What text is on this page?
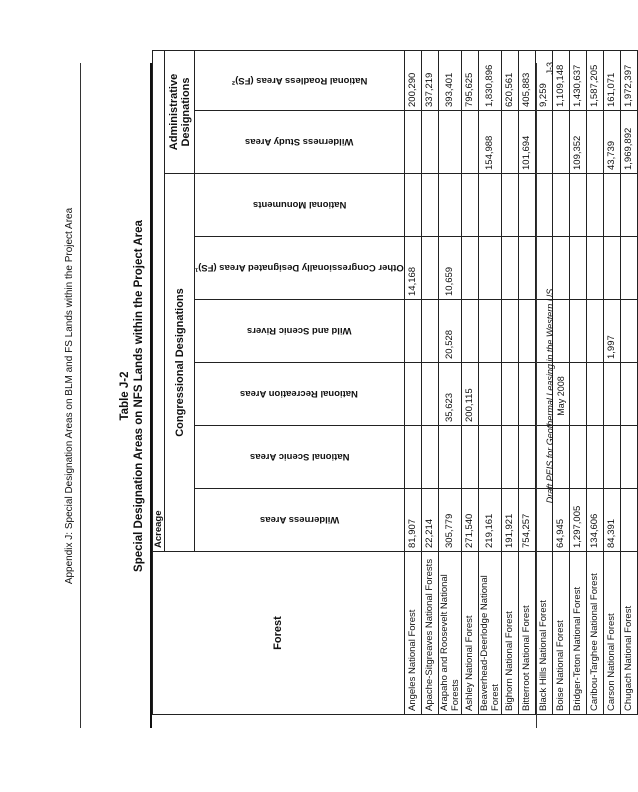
Appendix J: Special Designation Areas on BLM and FS Lands within the Project Area	Table J-2 Special Designation Areas on NFS Lands within the Project Area
Forest	Acreage							
	Congressional Designations						Administrative Designations	

	Wilderness Areas	National Scenic Areas	National Recreation Areas	Wild and Scenic Rivers	Other Congressionally Designated Areas (FS)¹	National Monuments	Wilderness Study Areas	National Roadless Areas (FS)²

Angeles National Forest	81,907				14,168			200,290
Apache-Sitgreaves National Forests	22,214							337,219
Arapaho and Roosevelt National Forests	305,779		35,623	20,528	10,659			393,401
Ashley National Forest	271,540		200,115					795,625
Beaverhead-Deerlodge National Forest	219,161						154,988	1,830,896
Bighorn National Forest	191,921							620,561
Bitterroot National Forest	754,257						101,694	405,883
Black Hills National Forest								9,259
Boise National Forest	64,945							1,109,148
Bridger-Teton National Forest	1,297,005						109,352	1,430,637
Caribou-Targhee National Forest	134,606							1,587,205
Carson National Forest	84,391			1,997			43,739	161,071
Chugach National Forest							1,969,892	1,972,397
Draft PEIS for Geothermal Leasing in the Western US May 2008
J-3
